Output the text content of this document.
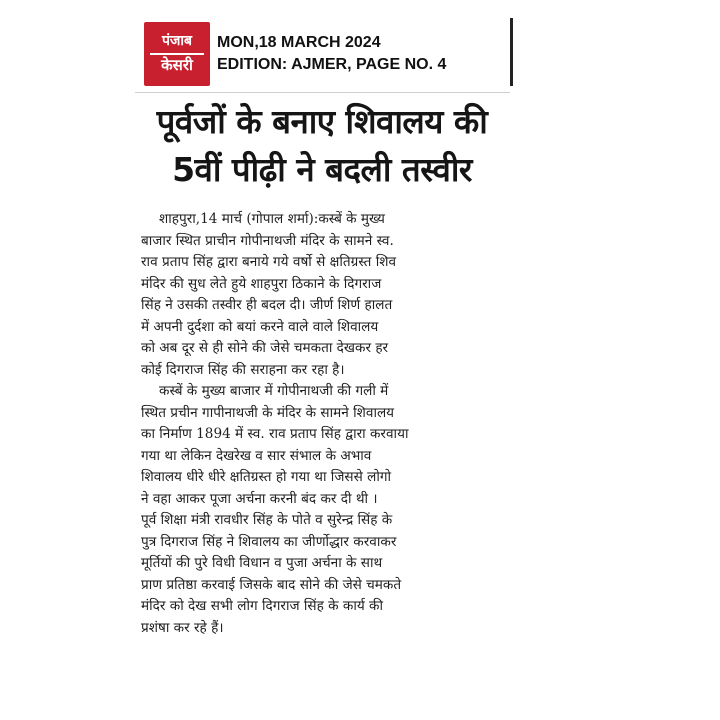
पंजाब
केसरी
MON,18 MARCH 2024
EDITION: AJMER, PAGE NO. 4
पूर्वजों के बनाए शिवालय की
5वीं पीढ़ी ने बदली तस्वीर
शाहपुरा,14 मार्च (गोपाल शर्मा):कस्बें के मुख्य
बाजार स्थित प्राचीन गोपीनाथजी मंदिर के सामने स्व.
राव प्रताप सिंह द्वारा बनाये गये वर्षो से क्षतिग्रस्त शिव
मंदिर की सुध लेते हुये शाहपुरा ठिकाने के दिगराज
सिंह ने उसकी तस्वीर ही बदल दी। जीर्ण शिर्ण हालत
में अपनी दुर्दशा को बयां करने वाले वाले शिवालय
को अब दूर से ही सोने की जेसे चमकता देखकर हर
कोई दिगराज सिंह की सराहना कर रहा है।
कस्बें के मुख्य बाजार में गोपीनाथजी की गली में
स्थित प्रचीन गापीनाथजी के मंदिर के सामने शिवालय
का निर्माण 1894 में स्व. राव प्रताप सिंह द्वारा करवाया
गया था लेकिन देखरेख व सार संभाल के अभाव
शिवालय धीरे धीरे क्षतिग्रस्त हो गया था जिससे लोगो
ने वहा आकर पूजा अर्चना करनी बंद कर दी थी ।
पूर्व शिक्षा मंत्री रावधीर सिंह के पोते व सुरेन्द्र सिंह के
पुत्र दिगराज सिंह ने शिवालय का जीर्णोद्धार करवाकर
मूर्तियों की पुरे विधी विधान व पुजा अर्चना के साथ
प्राण प्रतिष्ठा करवाई जिसके बाद सोने की जेसे चमकते
मंदिर को देख सभी लोग दिगराज सिंह के कार्य की
प्रशंषा कर रहे हैं।
